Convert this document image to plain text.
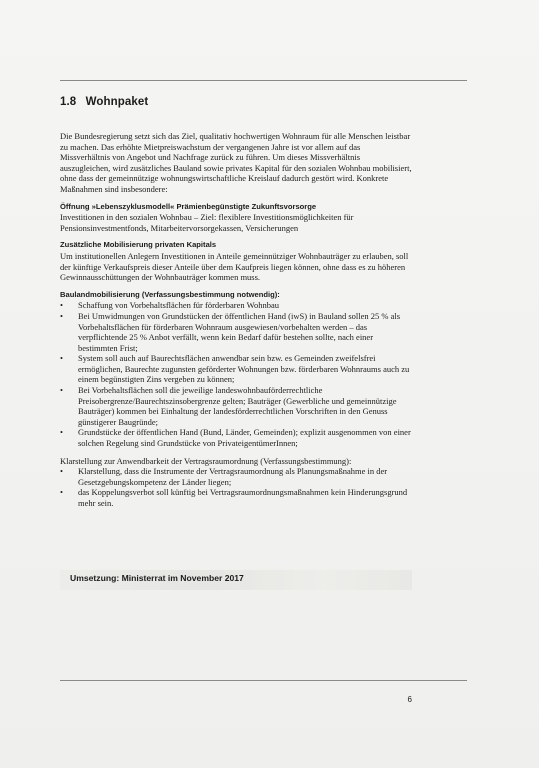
1.8 Wohnpaket

Die Bundesregierung setzt sich das Ziel, qualitativ hochwertigen Wohnraum für alle Menschen leistbar zu machen. Das erhöhte Mietpreiswachstum der vergangenen Jahre ist vor allem auf das Missverhältnis von Angebot und Nachfrage zurück zu führen. Um dieses Missverhältnis auszugleichen, wird zusätzliches Bauland sowie privates Kapital für den sozialen Wohnbau mobilisiert, ohne dass der gemeinnützige wohnungswirtschaftliche Kreislauf dadurch gestört wird. Konkrete Maßnahmen sind insbesondere:

Öffnung »Lebenszyklusmodell« Prämienbegünstigte Zukunftsvorsorge

Investitionen in den sozialen Wohnbau – Ziel: flexiblere Investitionsmöglichkeiten für Pensionsinvestmentfonds, Mitarbeitervorsorgekassen, Versicherungen

Zusätzliche Mobilisierung privaten Kapitals

Um institutionellen Anlegern Investitionen in Anteile gemeinnütziger Wohnbauträger zu erlauben, soll der künftige Verkaufspreis dieser Anteile über dem Kaufpreis liegen können, ohne dass es zu höheren Gewinnausschüttungen der Wohnbauträger kommen muss.

Baulandmobilisierung (Verfassungsbestimmung notwendig):
• Schaffung von Vorbehaltsflächen für förderbaren Wohnbau
• Bei Umwidmungen von Grundstücken der öffentlichen Hand (iwS) in Bauland sollen 25 % als Vorbehaltsflächen für förderbaren Wohnraum ausgewiesen/vorbehalten werden – das verpflichtende 25 % Anbot verfällt, wenn kein Bedarf dafür bestehen sollte, nach einer bestimmten Frist;
• System soll auch auf Baurechtsflächen anwendbar sein bzw. es Gemeinden zweifelsfrei ermöglichen, Baurechte zugunsten geförderter Wohnungen bzw. förderbaren Wohnraums auch zu einem begünstigten Zins vergeben zu können;
• Bei Vorbehaltsflächen soll die jeweilige landeswohnbauförderrechtliche Preisobergrenze/Baurechtszinsobergrenze gelten; Bauträger (Gewerbliche und gemeinnützige Bauträger) kommen bei Einhaltung der landesförderrechtlichen Vorschriften in den Genuss günstigerer Baugründe;
• Grundstücke der öffentlichen Hand (Bund, Länder, Gemeinden); explizit ausgenommen von einer solchen Regelung sind Grundstücke von PrivateigentümerInnen;

Klarstellung zur Anwendbarkeit der Vertragsraumordnung (Verfassungsbestimmung):

• Klarstellung, dass die Instrumente der Vertragsraumordnung als Planungsmaßnahme in der Gesetzgebungskompetenz der Länder liegen;
• das Koppelungsverbot soll künftig bei Vertragsraumordnungsmaßnahmen kein Hinderungsgrund mehr sein.
Umsetzung: Ministerrat im November 2017
6
